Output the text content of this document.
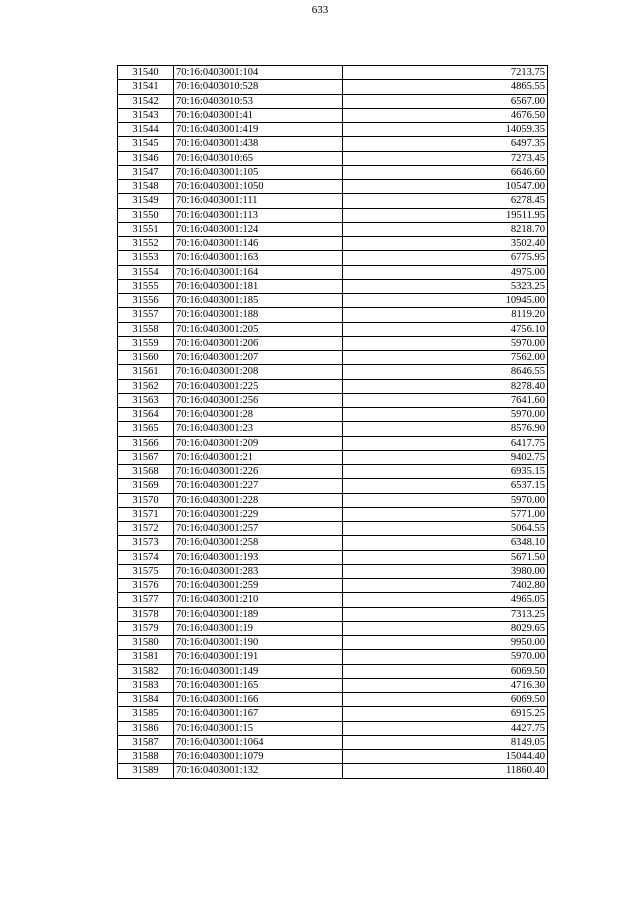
633
31540	70:16:0403001:104	7213.75
31541	70:16:0403010:528	4865.55
31542	70:16:0403010:53	6567.00
31543	70:16:0403001:41	4676.50
31544	70:16:0403001:419	14059.35
31545	70:16:0403001:438	6497.35
31546	70:16:0403010:65	7273.45
31547	70:16:0403001:105	6646.60
31548	70:16:0403001:1050	10547.00
31549	70:16:0403001:111	6278.45
31550	70:16:0403001:113	19511.95
31551	70:16:0403001:124	8218.70
31552	70:16:0403001:146	3502.40
31553	70:16:0403001:163	6775.95
31554	70:16:0403001:164	4975.00
31555	70:16:0403001:181	5323.25
31556	70:16:0403001:185	10945.00
31557	70:16:0403001:188	8119.20
31558	70:16:0403001:205	4756.10
31559	70:16:0403001:206	5970.00
31560	70:16:0403001:207	7562.00
31561	70:16:0403001:208	8646.55
31562	70:16:0403001:225	8278.40
31563	70:16:0403001:256	7641.60
31564	70:16:0403001:28	5970.00
31565	70:16:0403001:23	8576.90
31566	70:16:0403001:209	6417.75
31567	70:16:0403001:21	9402.75
31568	70:16:0403001:226	6935.15
31569	70:16:0403001:227	6537.15
31570	70:16:0403001:228	5970.00
31571	70:16:0403001:229	5771.00
31572	70:16:0403001:257	5064.55
31573	70:16:0403001:258	6348.10
31574	70:16:0403001:193	5671.50
31575	70:16:0403001:283	3980.00
31576	70:16:0403001:259	7402.80
31577	70:16:0403001:210	4965.05
31578	70:16:0403001:189	7313.25
31579	70:16:0403001:19	8029.65
31580	70:16:0403001:190	9950.00
31581	70:16:0403001:191	5970.00
31582	70:16:0403001:149	6069.50
31583	70:16:0403001:165	4716.30
31584	70:16:0403001:166	6069.50
31585	70:16:0403001:167	6915.25
31586	70:16:0403001:15	4427.75
31587	70:16:0403001:1064	8149.05
31588	70:16:0403001:1079	15044.40
31589	70:16:0403001:132	11860.40
